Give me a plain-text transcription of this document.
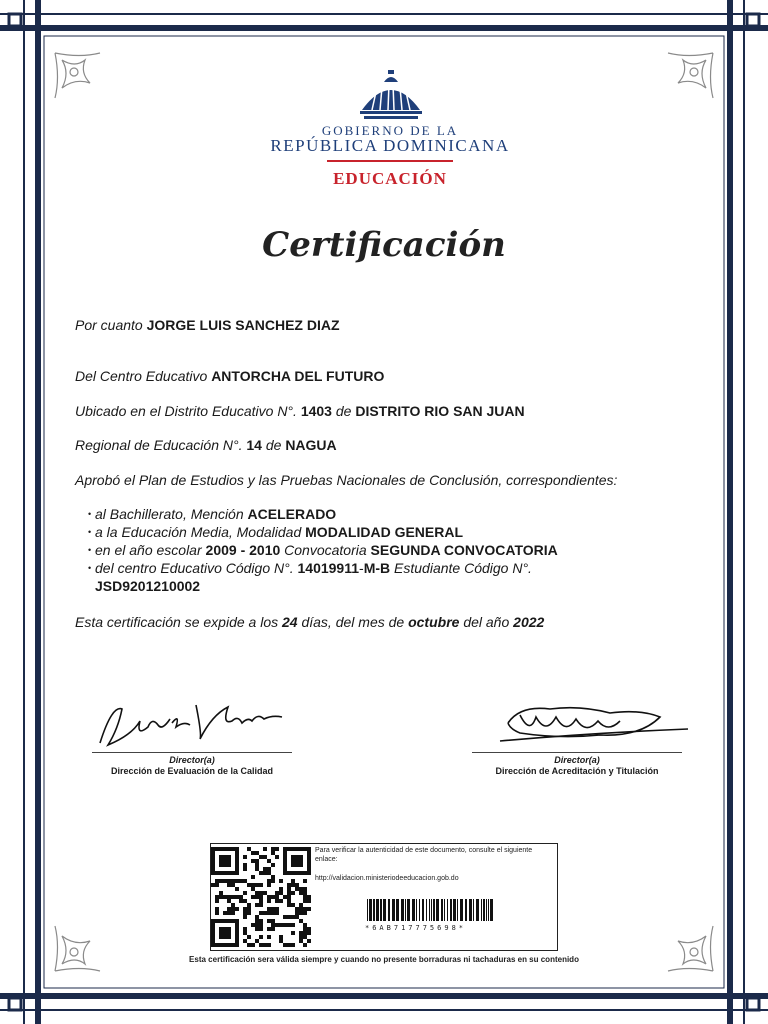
GOBIERNO DE LA
REPÚBLICA DOMINICANA
EDUCACIÓN
Certificación
Por cuanto JORGE LUIS SANCHEZ DIAZ
Del Centro Educativo ANTORCHA DEL FUTURO
Ubicado en el Distrito Educativo N°. 1403 de DISTRITO RIO SAN JUAN
Regional de Educación N°. 14 de NAGUA
Aprobó el Plan de Estudios y las Pruebas Nacionales de Conclusión, correspondientes:
• al Bachillerato, Mención ACELERADO
• a la Educación Media, Modalidad MODALIDAD GENERAL
• en el año escolar 2009 - 2010 Convocatoria SEGUNDA CONVOCATORIA
• del centro Educativo Código N°. 14019911-M-B Estudiante Código N°.
JSD9201210002
Esta certificación se expide a los 24 días, del mes de octubre del año 2022
Director(a)
Dirección de Evaluación de la Calidad
Director(a)
Dirección de Acreditación y Titulación
Para verificar la autenticidad de este documento, consulte el siguiente enlace:
http://validacion.ministeriodeeducacion.gob.do
*6AB717775698*
Esta certificación sera válida siempre y cuando no presente borraduras ni tachaduras en su contenido
